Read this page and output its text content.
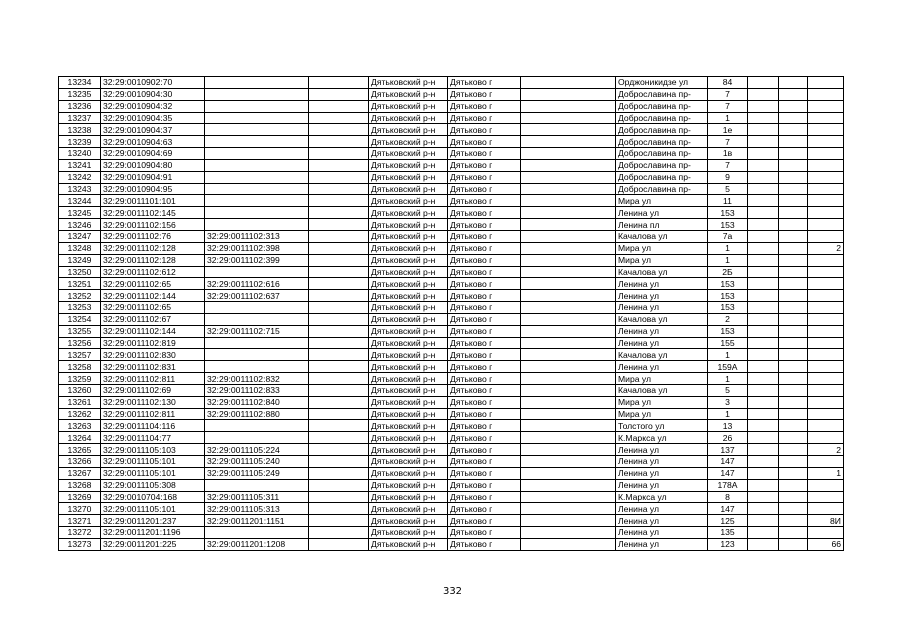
13234	32:29:0010902:70			Дятьковский р-н	Дятьково г		Орджоникидзе ул	84			
13235	32:29:0010904:30			Дятьковский р-н	Дятьково г		Доброславина пр-	7			
13236	32:29:0010904:32			Дятьковский р-н	Дятьково г		Доброславина пр-	7			
13237	32:29:0010904:35			Дятьковский р-н	Дятьково г		Доброславина пр-	1			
13238	32:29:0010904:37			Дятьковский р-н	Дятьково г		Доброславина пр-	1е			
13239	32:29:0010904:63			Дятьковский р-н	Дятьково г		Доброславина пр-	7			
13240	32:29:0010904:69			Дятьковский р-н	Дятьково г		Доброславина пр-	1в			
13241	32:29:0010904:80			Дятьковский р-н	Дятьково г		Доброславина пр-	7			
13242	32:29:0010904:91			Дятьковский р-н	Дятьково г		Доброславина пр-	9			
13243	32:29:0010904:95			Дятьковский р-н	Дятьково г		Доброславина пр-	5			
13244	32:29:0011101:101			Дятьковский р-н	Дятьково г		Мира ул	11			
13245	32:29:0011102:145			Дятьковский р-н	Дятьково г		Ленина ул	153			
13246	32:29:0011102:156			Дятьковский р-н	Дятьково г		Ленина пл	153			
13247	32:29:0011102:76	32:29:0011102:313		Дятьковский р-н	Дятьково г		Качалова ул	7а			
13248	32:29:0011102:128	32:29:0011102:398		Дятьковский р-н	Дятьково г		Мира ул	1			2
13249	32:29:0011102:128	32:29:0011102:399		Дятьковский р-н	Дятьково г		Мира ул	1			
13250	32:29:0011102:612			Дятьковский р-н	Дятьково г		Качалова ул	2Б			
13251	32:29:0011102:65	32:29:0011102:616		Дятьковский р-н	Дятьково г		Ленина ул	153			
13252	32:29:0011102:144	32:29:0011102:637		Дятьковский р-н	Дятьково г		Ленина ул	153			
13253	32:29:0011102:65			Дятьковский р-н	Дятьково г		Ленина ул	153			
13254	32:29:0011102:67			Дятьковский р-н	Дятьково г		Качалова ул	2			
13255	32:29:0011102:144	32:29:0011102:715		Дятьковский р-н	Дятьково г		Ленина ул	153			
13256	32:29:0011102:819			Дятьковский р-н	Дятьково г		Ленина ул	155			
13257	32:29:0011102:830			Дятьковский р-н	Дятьково г		Качалова ул	1			
13258	32:29:0011102:831			Дятьковский р-н	Дятьково г		Ленина ул	159А			
13259	32:29:0011102:811	32:29:0011102:832		Дятьковский р-н	Дятьково г		Мира ул	1			
13260	32:29:0011102:69	32:29:0011102:833		Дятьковский р-н	Дятьково г		Качалова ул	5			
13261	32:29:0011102:130	32:29:0011102:840		Дятьковский р-н	Дятьково г		Мира ул	3			
13262	32:29:0011102:811	32:29:0011102:880		Дятьковский р-н	Дятьково г		Мира ул	1			
13263	32:29:0011104:116			Дятьковский р-н	Дятьково г		Толстого ул	13			
13264	32:29:0011104:77			Дятьковский р-н	Дятьково г		К.Маркса ул	26			
13265	32:29:0011105:103	32:29:0011105:224		Дятьковский р-н	Дятьково г		Ленина ул	137			2
13266	32:29:0011105:101	32:29:0011105:240		Дятьковский р-н	Дятьково г		Ленина ул	147			
13267	32:29:0011105:101	32:29:0011105:249		Дятьковский р-н	Дятьково г		Ленина ул	147			1
13268	32:29:0011105:308			Дятьковский р-н	Дятьково г		Ленина ул	178А			
13269	32:29:0010704:168	32:29:0011105:311		Дятьковский р-н	Дятьково г		К.Маркса ул	8			
13270	32:29:0011105:101	32:29:0011105:313		Дятьковский р-н	Дятьково г		Ленина ул	147			
13271	32:29:0011201:237	32:29:0011201:1151		Дятьковский р-н	Дятьково г		Ленина ул	125			8И
13272	32:29:0011201:1196			Дятьковский р-н	Дятьково г		Ленина ул	135			
13273	32:29:0011201:225	32:29:0011201:1208		Дятьковский р-н	Дятьково г		Ленина ул	123			66
332
